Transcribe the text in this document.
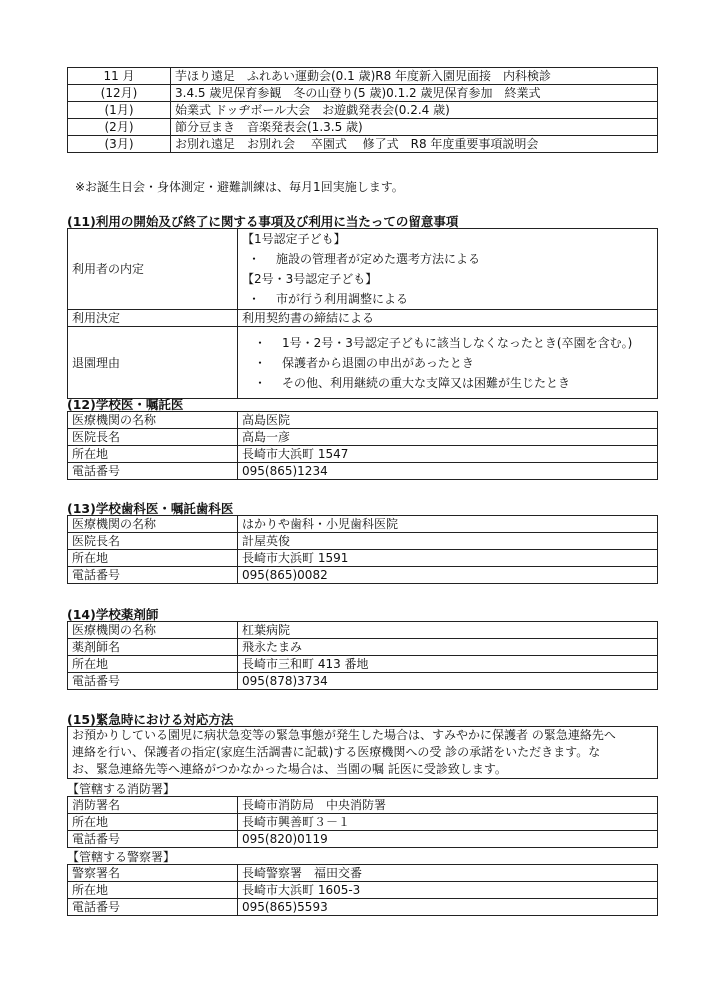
11 月	芋ほり遠足　ふれあい運動会(0.1 歳)R8 年度新入園児面接　内科検診
(12月)	3.4.5 歳児保育参観　冬の山登り(5 歳)0.1.2 歳児保育参加　終業式
(1月)	始業式 ドッヂボール大会　お遊戯発表会(0.2.4 歳)
(2月)	節分豆まき　音楽発表会(1.3.5 歳)
(3月)	お別れ遠足　お別れ会　 卒園式　 修了式　R8 年度重要事項説明会
※お誕生日会・身体測定・避難訓練は、毎月1回実施します。
(11)利用の開始及び終了に関する事項及び利用に当たっての留意事項
利用者の内定	【1号認定子ども】
・ 施設の管理者が定めた選考方法による
【2号・3号認定子ども】
・ 市が行う利用調整による

利用決定	利用契約書の締結による
退園理由	・ 1号・2号・3号認定子どもに該当しなくなったとき(卒園を含む。)
・ 保護者から退園の申出があったとき
・ その他、利用継続の重大な支障又は困難が生じたとき
(12)学校医・嘱託医
医療機関の名称	高島医院
医院長名	高島一彦
所在地	長崎市大浜町 1547
電話番号	095(865)1234
(13)学校歯科医・嘱託歯科医
医療機関の名称	はかりや歯科・小児歯科医院
医院長名	計屋英俊
所在地	長崎市大浜町 1591
電話番号	095(865)0082
(14)学校薬剤師
医療機関の名称	杠葉病院
薬剤師名	飛永たまみ
所在地	長崎市三和町 413 番地
電話番号	095(878)3734
(15)緊急時における対応方法
お預かりしている園児に病状急変等の緊急事態が発生した場合は、すみやかに保護者 の緊急連絡先へ
連絡を行い、保護者の指定(家庭生活調書に記載)する医療機関への受 診の承諾をいただきます。な
お、緊急連絡先等へ連絡がつかなかった場合は、当園の嘱 託医に受診致します。
【管轄する消防署】
消防署名	長崎市消防局　中央消防署
所在地	長崎市興善町３－１
電話番号	095(820)0119
【管轄する警察署】
警察署名	長崎警察署　福田交番
所在地	長崎市大浜町 1605-3
電話番号	095(865)5593
